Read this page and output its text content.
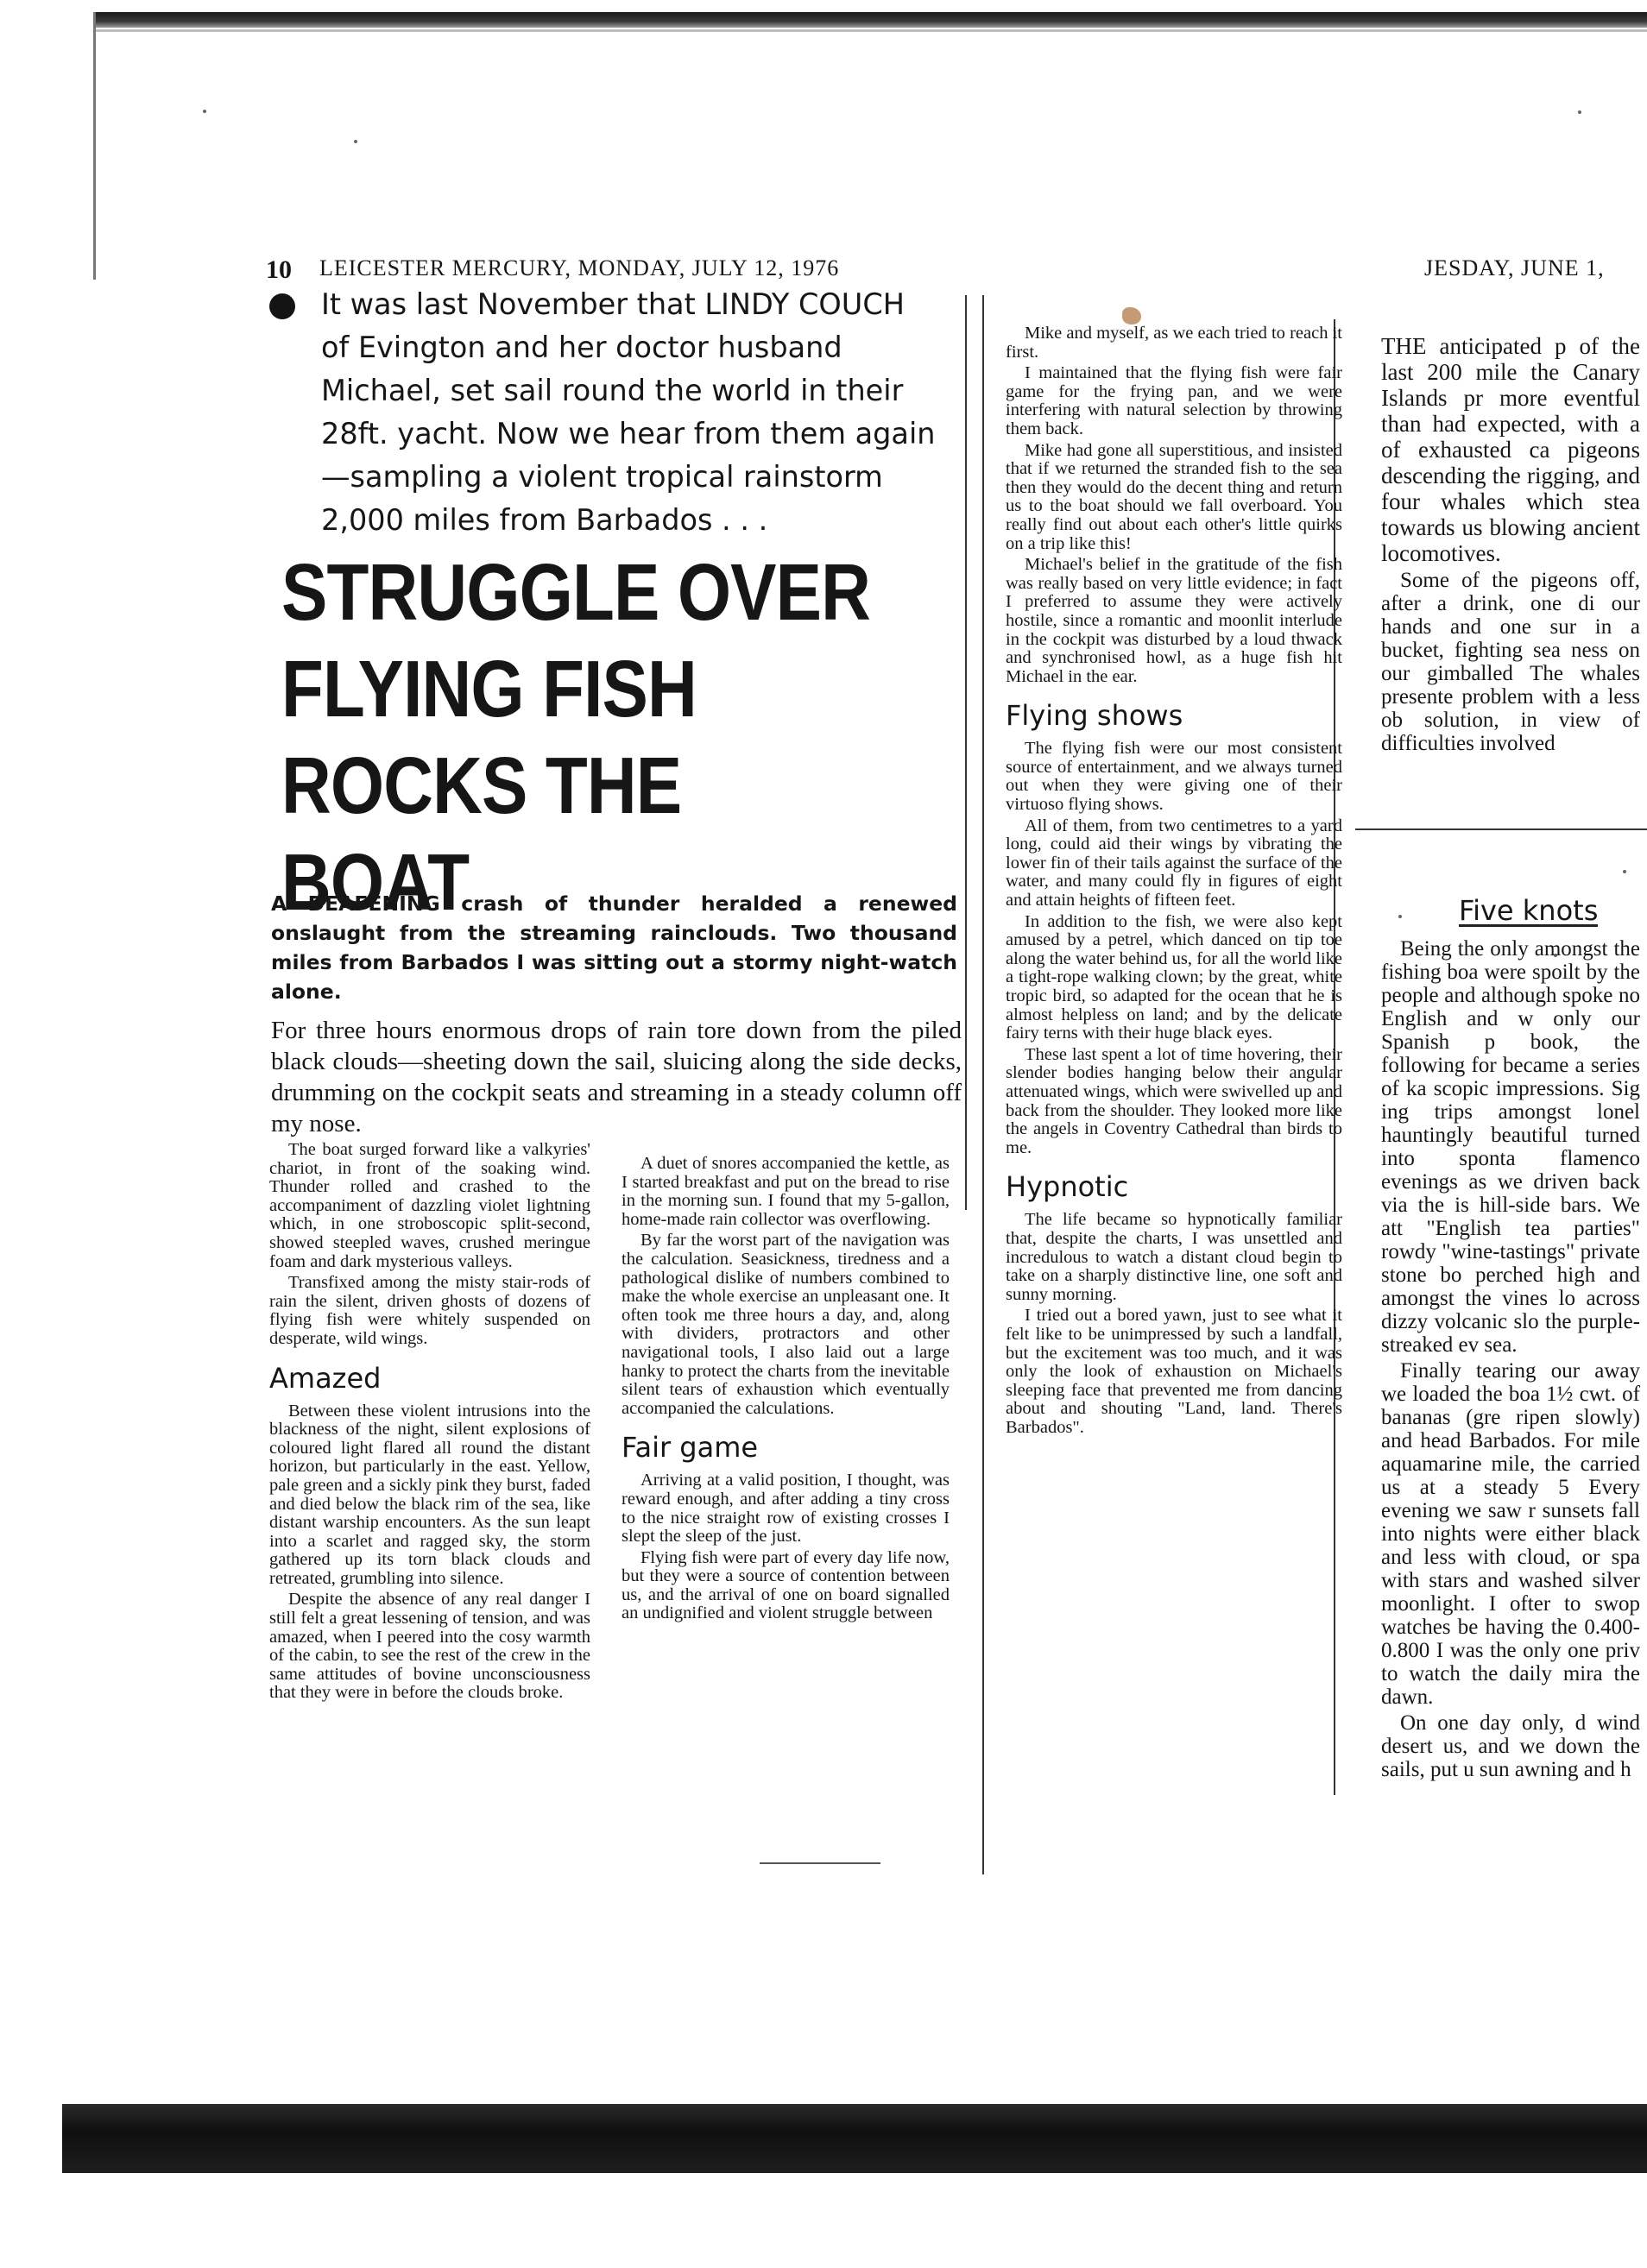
10 LEICESTER MERCURY, MONDAY, JULY 12, 1976	JESDAY, JUNE 1,
It was last November that LINDY COUCH
of Evington and her doctor husband
Michael, set sail round the world in their
28ft. yacht. Now we hear from them again
—sampling a violent tropical rainstorm
2,000 miles from Barbados . . .
STRUGGLE OVER
FLYING FISH
ROCKS THE BOAT
A DEAFENING crash of thunder heralded a renewed onslaught from the streaming rainclouds. Two thousand miles from Barbados I was sitting out a stormy night-watch alone.
For three hours enormous drops of rain tore down from the piled black clouds—sheeting down the sail, sluicing along the side decks, drumming on the cockpit seats and streaming in a steady column off my nose.

The boat surged forward like a valkyries' chariot, in front of the soaking wind. Thunder rolled and crashed to the accompaniment of dazzling violet lightning which, in one stroboscopic split-second, showed steepled waves, crushed meringue foam and dark mysterious valleys.

Transfixed among the misty stair-rods of rain the silent, driven ghosts of dozens of flying fish were whitely suspended on desperate, wild wings.

Amazed

Between these violent intrusions into the blackness of the night, silent explosions of coloured light flared all round the distant horizon, but particularly in the east. Yellow, pale green and a sickly pink they burst, faded and died below the black rim of the sea, like distant warship encounters. As the sun leapt into a scarlet and ragged sky, the storm gathered up its torn black clouds and retreated, grumbling into silence.

Despite the absence of any real danger I still felt a great lessening of tension, and was amazed, when I peered into the cosy warmth of the cabin, to see the rest of the crew in the same attitudes of bovine unconsciousness that they were in before the clouds broke.

A duet of snores accompanied the kettle, as I started breakfast and put on the bread to rise in the morning sun. I found that my 5-gallon, home-made rain collector was overflowing.

By far the worst part of the navigation was the calculation. Seasickness, tiredness and a pathological dislike of numbers combined to make the whole exercise an unpleasant one. It often took me three hours a day, and, along with dividers, protractors and other navigational tools, I also laid out a large hanky to protect the charts from the inevitable silent tears of exhaustion which eventually accompanied the calculations.

Fair game

Arriving at a valid position, I thought, was reward enough, and after adding a tiny cross to the nice straight row of existing crosses I slept the sleep of the just.

Flying fish were part of every day life now, but they were a source of contention between us, and the arrival of one on board signalled an undignified and violent struggle between

Mike and myself, as we each tried to reach it first.

I maintained that the flying fish were fair game for the frying pan, and we were interfering with natural selection by throwing them back.

Mike had gone all superstitious, and insisted that if we returned the stranded fish to the sea then they would do the decent thing and return us to the boat should we fall overboard. You really find out about each other's little quirks on a trip like this!

Michael's belief in the gratitude of the fish was really based on very little evidence; in fact I preferred to assume they were actively hostile, since a romantic and moonlit interlude in the cockpit was disturbed by a loud thwack and synchronised howl, as a huge fish hit Michael in the ear.

Flying shows

The flying fish were our most consistent source of entertainment, and we always turned out when they were giving one of their virtuoso flying shows.

All of them, from two centimetres to a yard long, could aid their wings by vibrating the lower fin of their tails against the surface of the water, and many could fly in figures of eight and attain heights of fifteen feet.

In addition to the fish, we were also kept amused by a petrel, which danced on tip toe along the water behind us, for all the world like a tight-rope walking clown; by the great, white tropic bird, so adapted for the ocean that he is almost helpless on land; and by the delicate fairy terns with their huge black eyes.

These last spent a lot of time hovering, their slender bodies hanging below their angular attenuated wings, which were swivelled up and back from the shoulder. They looked more like the angels in Coventry Cathedral than birds to me.

Hypnotic

The life became so hypnotically familiar that, despite the charts, I was unsettled and incredulous to watch a distant cloud begin to take on a sharply distinctive line, one soft and sunny morning.

I tried out a bored yawn, just to see what it felt like to be unimpressed by such a landfall, but the excitement was too much, and it was only the look of exhaustion on Michael's sleeping face that prevented me from dancing about and shouting "Land, land. There's Barbados".

THE anticipated p of the last 200 mile the Canary Islands pr more eventful than had expected, with a of exhausted ca pigeons descending the rigging, and four whales which stea towards us blowing ancient locomotives.

Some of the pigeons off, after a drink, one di our hands and one sur in a bucket, fighting sea ness on our gimballed The whales presente problem with a less ob solution, in view of difficulties involved

Five knots

Being the only amongst the fishing boa were spoilt by the people and although spoke no English and w only our Spanish p book, the following for became a series of ka scopic impressions. Sig ing trips amongst lonel hauntingly beautiful turned into sponta flamenco evenings as we driven back via the is hill-side bars. We att "English tea parties" rowdy "wine-tastings" private stone bo perched high and amongst the vines lo across dizzy volcanic slo the purple-streaked ev sea.

Finally tearing our away we loaded the boa 1½ cwt. of bananas (gre ripen slowly) and head Barbados. For mile aquamarine mile, the carried us at a steady 5 Every evening we saw r sunsets fall into nights were either black and less with cloud, or spa with stars and washed silver moonlight. I ofter to swop watches be having the 0.400-0.800 I was the only one priv to watch the daily mira the dawn.

On one day only, d wind desert us, and we down the sails, put u sun awning and h
